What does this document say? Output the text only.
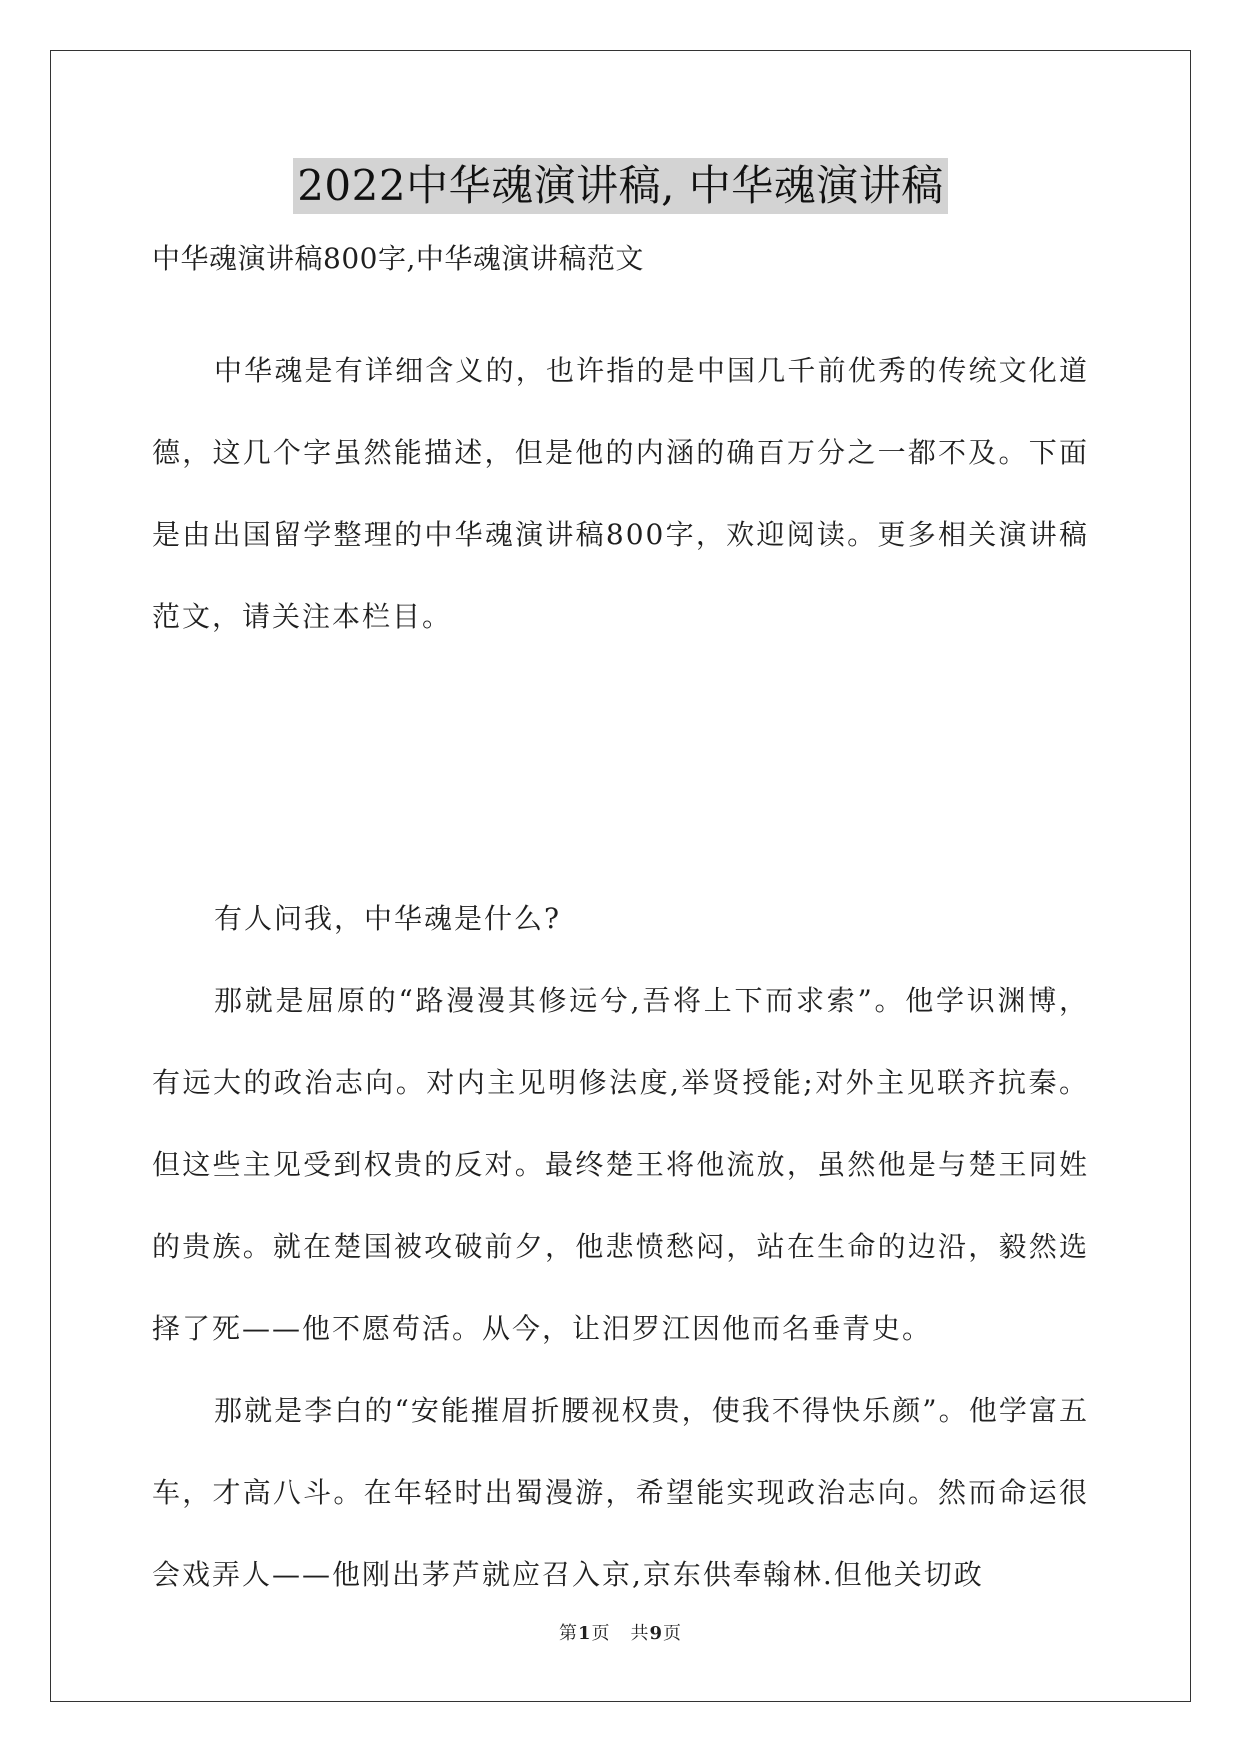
2022中华魂演讲稿, 中华魂演讲稿
中华魂演讲稿800字,中华魂演讲稿范文

中华魂是有详细含义的，也许指的是中国几千前优秀的传统文化道德，这几个字虽然能描述，但是他的内涵的确百万分之一都不及。下面是由出国留学整理的中华魂演讲稿800字，欢迎阅读。更多相关演讲稿范文，请关注本栏目。

有人问我，中华魂是什么?

那就是屈原的“路漫漫其修远兮,吾将上下而求索”。他学识渊博，有远大的政治志向。对内主见明修法度,举贤授能;对外主见联齐抗秦。但这些主见受到权贵的反对。最终楚王将他流放，虽然他是与楚王同姓的贵族。就在楚国被攻破前夕，他悲愤愁闷，站在生命的边沿，毅然选择了死——他不愿苟活。从今，让汨罗江因他而名垂青史。

那就是李白的“安能摧眉折腰视权贵，使我不得快乐颜”。他学富五车，才高八斗。在年轻时出蜀漫游，希望能实现政治志向。然而命运很会戏弄人——他刚出茅芦就应召入京,京东供奉翰林.但他关切政

第1页 共9页
